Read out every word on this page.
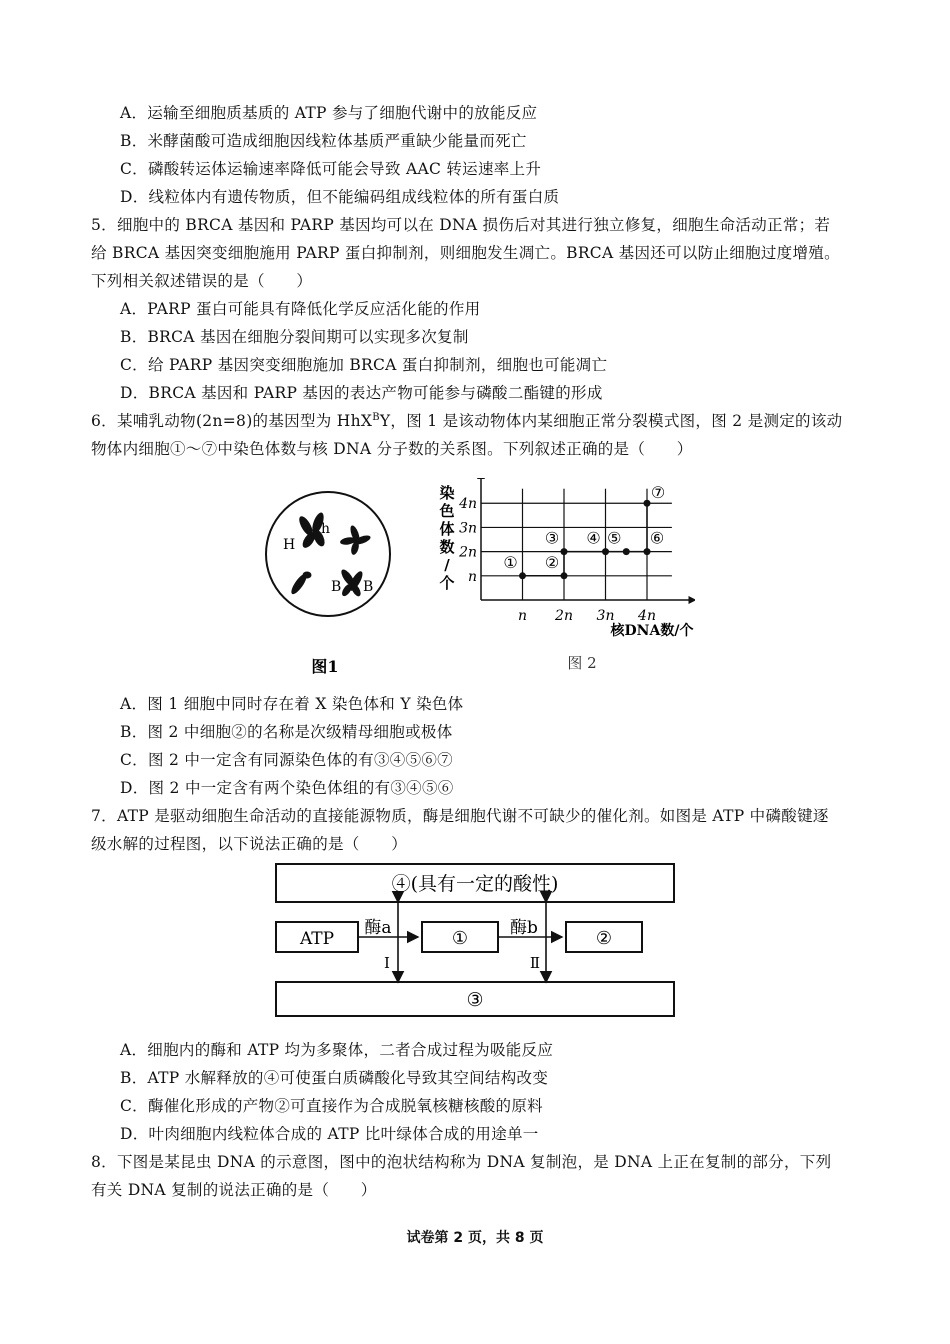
A．运输至细胞质基质的 ATP 参与了细胞代谢中的放能反应
B．米酵菌酸可造成细胞因线粒体基质严重缺少能量而死亡
C．磷酸转运体运输速率降低可能会导致 AAC 转运速率上升
D．线粒体内有遗传物质，但不能编码组成线粒体的所有蛋白质
5．细胞中的 BRCA 基因和 PARP 基因均可以在 DNA 损伤后对其进行独立修复，细胞生命活动正常；若
给 BRCA 基因突变细胞施用 PARP 蛋白抑制剂，则细胞发生凋亡。BRCA 基因还可以防止细胞过度增殖。
下列相关叙述错误的是（　　）
A．PARP 蛋白可能具有降低化学反应活化能的作用
B．BRCA 基因在细胞分裂间期可以实现多次复制
C．给 PARP 基因突变细胞施加 BRCA 蛋白抑制剂，细胞也可能凋亡
D．BRCA 基因和 PARP 基因的表达产物可能参与磷酸二酯键的形成
6．某哺乳动物(2n=8)的基因型为 HhX$^B$Y，图 1 是该动物体内某细胞正常分裂模式图，图 2 是测定的该动
物体内细胞①～⑦中染色体数与核 DNA 分子数的关系图。下列叙述正确的是（　　）
H
h
B B
图1
n 2n 3n 4n
n
2n
3n
4n
① ②
③ ④ ⑤ ⑥
⑦
染色体数/个
核DNA数/个
图 2
A．图 1 细胞中同时存在着 X 染色体和 Y 染色体
B．图 2 中细胞②的名称是次级精母细胞或极体
C．图 2 中一定含有同源染色体的有③④⑤⑥⑦
D．图 2 中一定含有两个染色体组的有③④⑤⑥
7．ATP 是驱动细胞生命活动的直接能源物质，酶是细胞代谢不可缺少的催化剂。如图是 ATP 中磷酸键逐
级水解的过程图，以下说法正确的是（　　）
④(具有一定的酸性)
ATP
酶a
I
① 酶b
Ⅱ
②
③
A．细胞内的酶和 ATP 均为多聚体，二者合成过程为吸能反应
B．ATP 水解释放的④可使蛋白质磷酸化导致其空间结构改变
C．酶催化形成的产物②可直接作为合成脱氧核糖核酸的原料
D．叶肉细胞内线粒体合成的 ATP 比叶绿体合成的用途单一
8．下图是某昆虫 DNA 的示意图，图中的泡状结构称为 DNA 复制泡，是 DNA 上正在复制的部分，下列
有关 DNA 复制的说法正确的是（　　）
试卷第 2 页，共 8 页
